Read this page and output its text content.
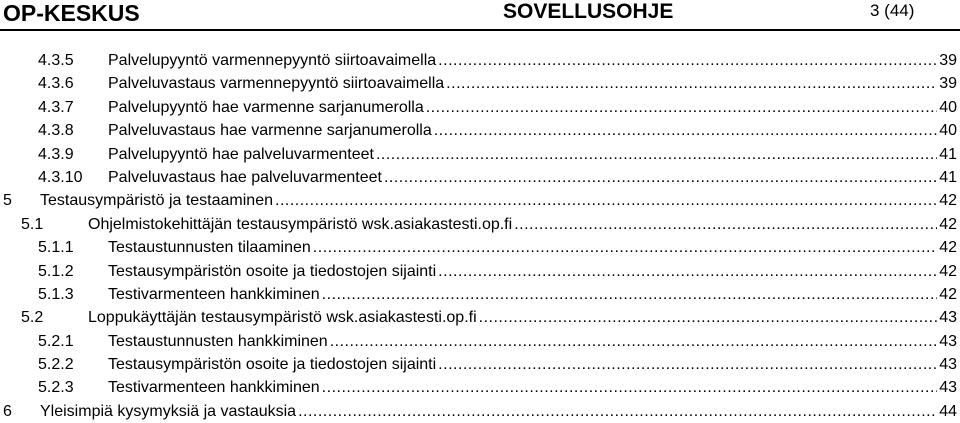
OP-KESKUS	SOVELLUSOHJE	3 (44)
4.3.5 Palvelupyyntö varmennepyyntö siirtoavaimella .....	39
4.3.6 Palveluvastaus varmennepyyntö siirtoavaimella .....	39
4.3.7 Palvelupyyntö hae varmenne sarjanumerolla .....	40
4.3.8 Palveluvastaus hae varmenne sarjanumerolla .....	40
4.3.9 Palvelupyyntö hae palveluvarmenteet .....	41
4.3.10 Palveluvastaus hae palveluvarmenteet .....	41
5 Testausympäristö ja testaaminen .....	42
5.1	Ohjelmistokehittäjän testausympäristö wsk.asiakastesti.op.fi .....	42
5.1.1 Testaustunnusten tilaaminen .....	42
5.1.2 Testausympäristön osoite ja tiedostojen sijainti .....	42
5.1.3 Testivarmenteen hankkiminen .....	42
5.2	Loppukäyttäjän testausympäristö wsk.asiakastesti.op.fi .....	43
5.2.1 Testaustunnusten hankkiminen .....	43
5.2.2 Testausympäristön osoite ja tiedostojen sijainti .....	43
5.2.3 Testivarmenteen hankkiminen .....	43
6 Yleisimpiä kysymyksiä ja vastauksia .....	44
